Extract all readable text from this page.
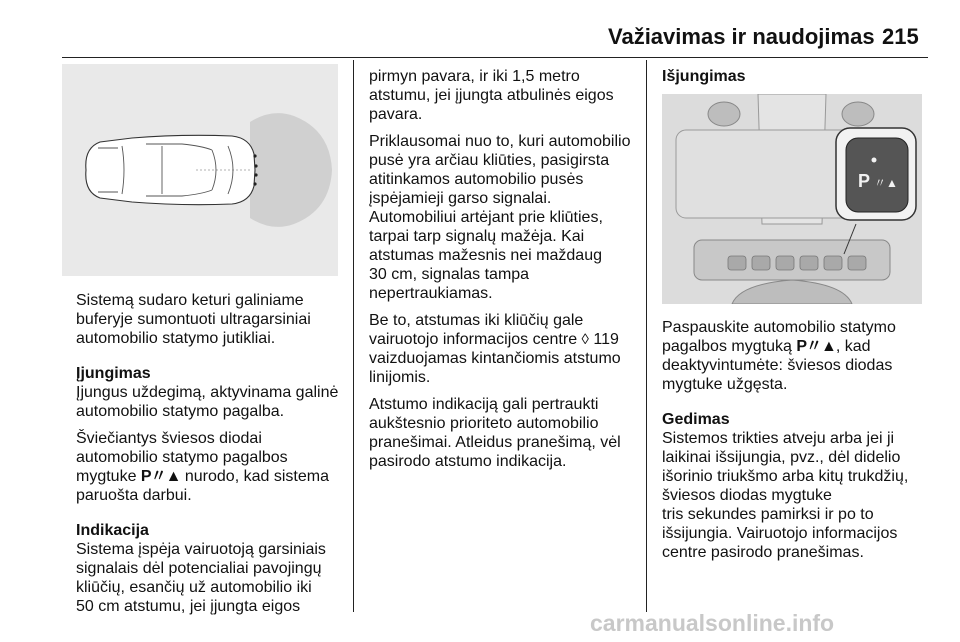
Važiavimas ir naudojimas 215

Sistemą sudaro keturi galiniame
buferyje sumontuoti ultragarsiniai
automobilio statymo jutikliai.

Įjungimas

Įjungus uždegimą, aktyvinama galinė
automobilio statymo pagalba.

Šviečiantys šviesos diodai
automobilio statymo pagalbos
mygtuke P〃▲ nurodo, kad sistema
paruošta darbui.

Indikacija

Sistema įspėja vairuotoją garsiniais
signalais dėl potencialiai pavojingų
kliūčių, esančių už automobilio iki
50 cm atstumu, jei įjungta eigos

pirmyn pavara, ir iki 1,5 metro
atstumu, jei įjungta atbulinės eigos
pavara.

Priklausomai nuo to, kuri automobilio
pusė yra arčiau kliūties, pasigirsta
atitinkamos automobilio pusės
įspėjamieji garso signalai.
Automobiliui artėjant prie kliūties,
tarpai tarp signalų mažėja. Kai
atstumas mažesnis nei maždaug
30 cm, signalas tampa
nepertraukiamas.

Be to, atstumas iki kliūčių gale
vairuotojo informacijos centre ◊ 119
vaizduojamas kintančiomis atstumo
linijomis.

Atstumo indikaciją gali pertraukti
aukštesnio prioriteto automobilio
pranešimai. Atleidus pranešimą, vėl
pasirodo atstumo indikacija.

Išjungimas
P 〃▲

Paspauskite automobilio statymo
pagalbos mygtuką P〃▲, kad
deaktyvintumėte: šviesos diodas
mygtuke užgęsta.

Gedimas

Sistemos trikties atveju arba jei ji
laikinai išsijungia, pvz., dėl didelio
išorinio triukšmo arba kitų trukdžių,
šviesos diodas mygtuke
tris sekundes pamirksi ir po to
išsijungia. Vairuotojo informacijos
centre pasirodo pranešimas.

carmanualsonline.info
